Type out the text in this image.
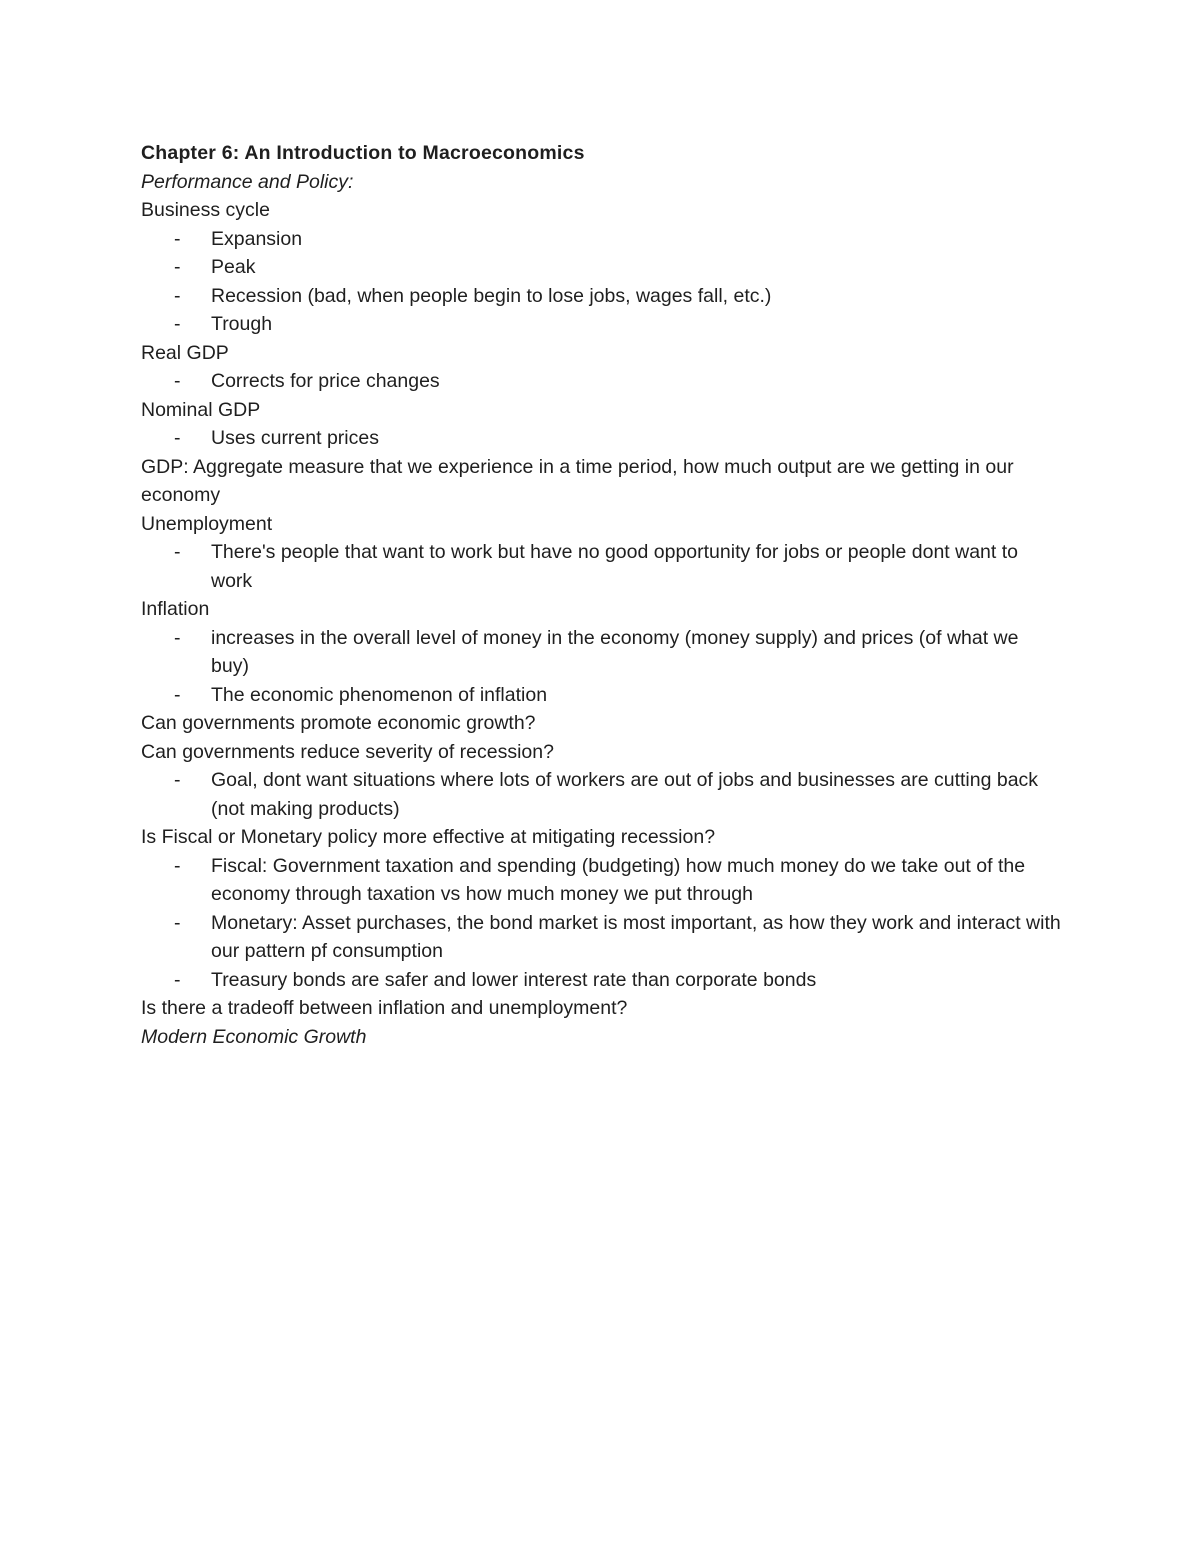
Chapter 6: An Introduction to Macroeconomics

Performance and Policy:

Business cycle

- Expansion

- Peak

- Recession (bad, when people begin to lose jobs, wages fall, etc.)

- Trough

Real GDP

- Corrects for price changes

Nominal GDP

- Uses current prices

GDP: Aggregate measure that we experience in a time period, how much output are we getting in our economy

Unemployment

- There's people that want to work but have no good opportunity for jobs or people dont want to work

Inflation

- increases in the overall level of money in the economy (money supply) and prices (of what we buy)

- The economic phenomenon of inflation

Can governments promote economic growth?

Can governments reduce severity of recession?

- Goal, dont want situations where lots of workers are out of jobs and businesses are cutting back (not making products)

Is Fiscal or Monetary policy more effective at mitigating recession?

- Fiscal: Government taxation and spending (budgeting) how much money do we take out of the economy through taxation vs how much money we put through

- Monetary: Asset purchases, the bond market is most important, as how they work and interact with our pattern pf consumption

- Treasury bonds are safer and lower interest rate than corporate bonds

Is there a tradeoff between inflation and unemployment?

Modern Economic Growth
